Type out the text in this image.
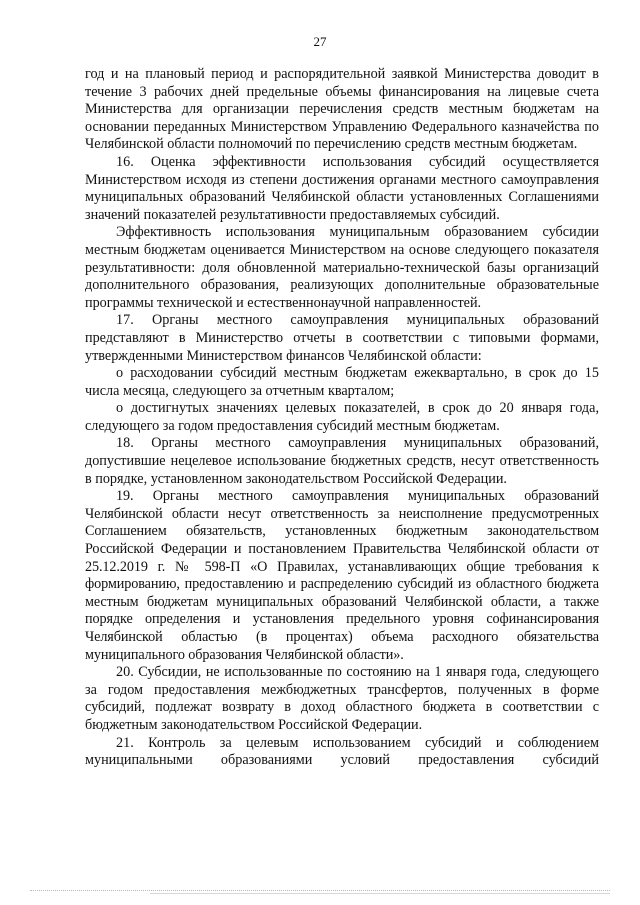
27

год и на плановый период и распорядительной заявкой Министерства доводит в течение 3 рабочих дней предельные объемы финансирования на лицевые счета Министерства для организации перечисления средств местным бюджетам на основании переданных Министерством Управлению Федерального казначейства по Челябинской области полномочий по перечислению средств местным бюджетам.

16. Оценка эффективности использования субсидий осуществляется Министерством исходя из степени достижения органами местного самоуправления муниципальных образований Челябинской области установленных Соглашениями значений показателей результативности предоставляемых субсидий.

Эффективность использования муниципальным образованием субсидии местным бюджетам оценивается Министерством на основе следующего показателя результативности: доля обновленной материально-технической базы организаций дополнительного образования, реализующих дополнительные образовательные программы технической и естественнонаучной направленностей.

17. Органы местного самоуправления муниципальных образований представляют в Министерство отчеты в соответствии с типовыми формами, утвержденными Министерством финансов Челябинской области:

о расходовании субсидий местным бюджетам ежеквартально, в срок до 15 числа месяца, следующего за отчетным кварталом;

о достигнутых значениях целевых показателей, в срок до 20 января года, следующего за годом предоставления субсидий местным бюджетам.

18. Органы местного самоуправления муниципальных образований, допустившие нецелевое использование бюджетных средств, несут ответственность в порядке, установленном законодательством Российской Федерации.

19. Органы местного самоуправления муниципальных образований Челябинской области несут ответственность за неисполнение предусмотренных Соглашением обязательств, установленных бюджетным законодательством Российской Федерации и постановлением Правительства Челябинской области от 25.12.2019 г. № 598-П «О Правилах, устанавливающих общие требования к формированию, предоставлению и распределению субсидий из областного бюджета местным бюджетам муниципальных образований Челябинской области, а также порядке определения и установления предельного уровня софинансирования Челябинской областью (в процентах) объема расходного обязательства муниципального образования Челябинской области».

20. Субсидии, не использованные по состоянию на 1 января года, следующего за годом предоставления межбюджетных трансфертов, полученных в форме субсидий, подлежат возврату в доход областного бюджета в соответствии с бюджетным законодательством Российской Федерации.

21. Контроль за целевым использованием субсидий и соблюдением муниципальными образованиями условий предоставления субсидий
